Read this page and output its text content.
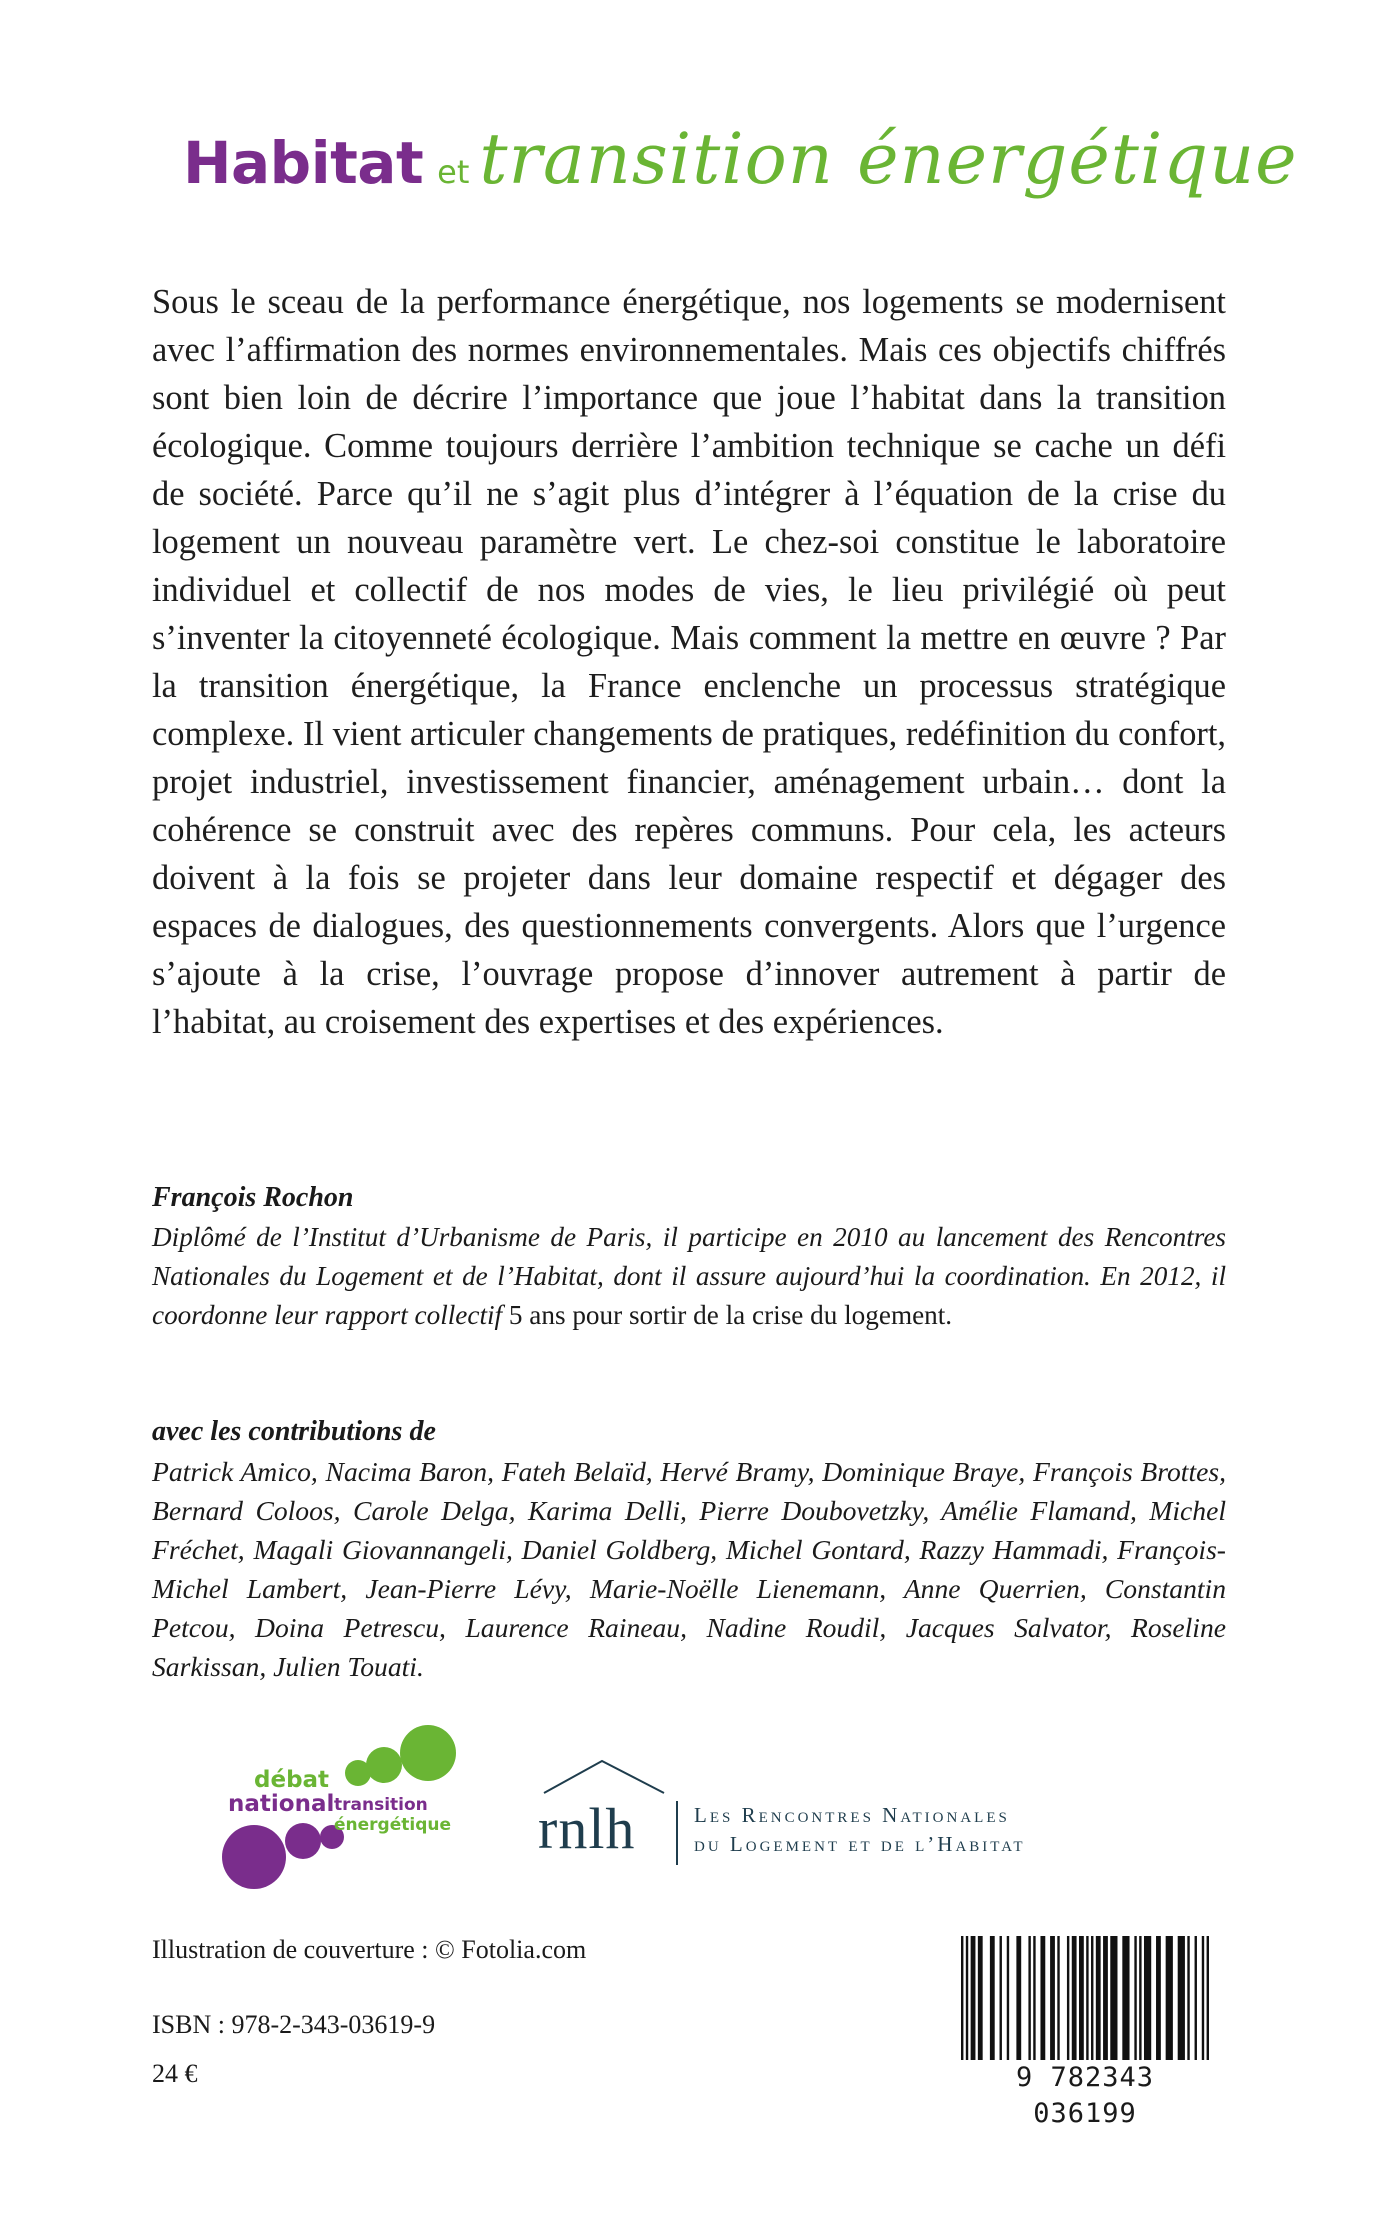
Habitat et transition énergétique

Sous le sceau de la performance énergétique, nos logements se modernisent avec l’affirmation des normes environnementales. Mais ces objectifs chiffrés sont bien loin de décrire l’importance que joue l’habitat dans la transition écologique. Comme toujours derrière l’ambition technique se cache un défi de société. Parce qu’il ne s’agit plus d’intégrer à l’équation de la crise du logement un nouveau paramètre vert. Le chez-soi constitue le laboratoire individuel et collectif de nos modes de vies, le lieu privilégié où peut s’inventer la citoyenneté écologique. Mais comment la mettre en œuvre ? Par la transition énergétique, la France enclenche un processus stratégique complexe. Il vient articuler changements de pratiques, redéfinition du confort, projet industriel, investissement financier, aménagement urbain… dont la cohérence se construit avec des repères communs. Pour cela, les acteurs doivent à la fois se projeter dans leur domaine respectif et dégager des espaces de dialogues, des questionnements convergents. Alors que l’urgence s’ajoute à la crise, l’ouvrage propose d’innover autrement à partir de l’habitat, au croisement des expertises et des expériences.

François Rochon

Diplômé de l’Institut d’Urbanisme de Paris, il participe en 2010 au lancement des Rencontres Nationales du Logement et de l’Habitat, dont il assure aujourd’hui la coordination. En 2012, il coordonne leur rapport collectif 5 ans pour sortir de la crise du logement.

avec les contributions de

Patrick Amico, Nacima Baron, Fateh Belaïd, Hervé Bramy, Dominique Braye, François Brottes, Bernard Coloos, Carole Delga, Karima Delli, Pierre Doubovetzky, Amélie Flamand, Michel Fréchet, Magali Giovannangeli, Daniel Goldberg, Michel Gontard, Razzy Hammadi, François-Michel Lambert, Jean-Pierre Lévy, Marie-Noëlle Lienemann, Anne Querrien, Constantin Petcou, Doina Petrescu, Laurence Raineau, Nadine Roudil, Jacques Salvator, Roseline Sarkissan, Julien Touati.

débat
national transition
énergétique rnlh	Les Rencontres Nationales
du Logement et de l’Habitat
Illustration de couverture : © Fotolia.com
ISBN : 978-2-343-03619-9
24 €	9 782343 036199
